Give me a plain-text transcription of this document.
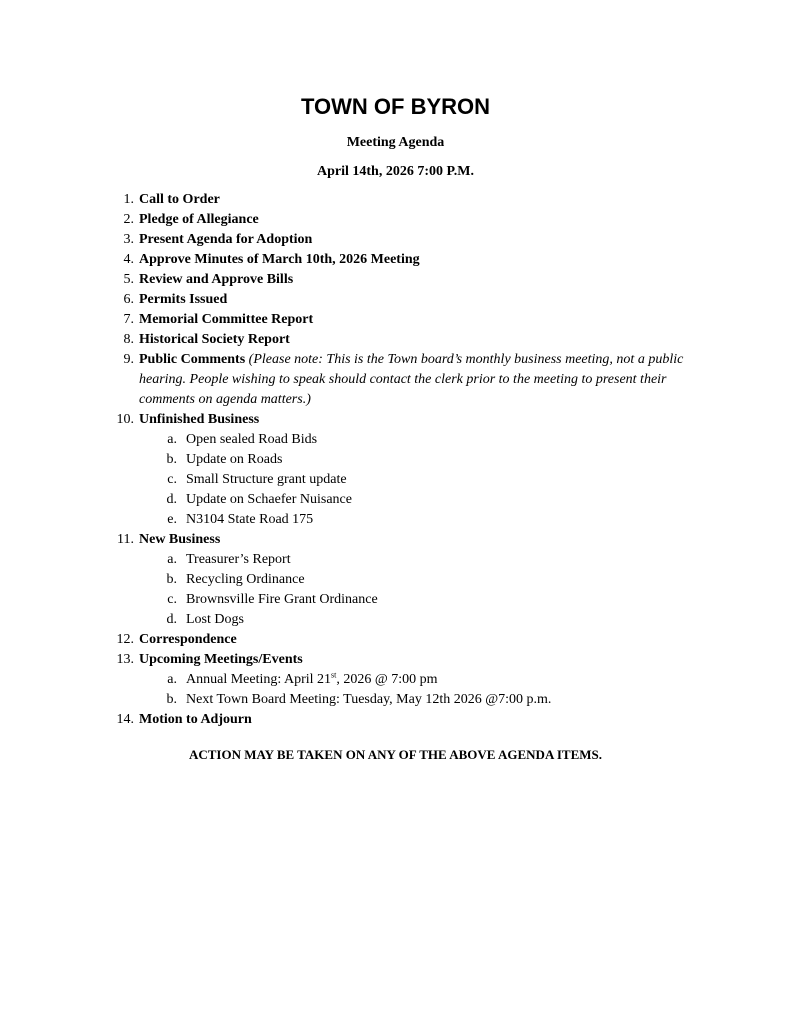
TOWN OF BYRON
Meeting Agenda
April 14th, 2026 7:00 P.M.
1. Call to Order
2. Pledge of Allegiance
3. Present Agenda for Adoption
4. Approve Minutes of March 10th, 2026 Meeting
5. Review and Approve Bills
6. Permits Issued
7. Memorial Committee Report
8. Historical Society Report
9. Public Comments (Please note: This is the Town board’s monthly business meeting, not a public hearing. People wishing to speak should contact the clerk prior to the meeting to present their comments on agenda matters.)
10. Unfinished Business
a. Open sealed Road Bids
b. Update on Roads
c. Small Structure grant update
d. Update on Schaefer Nuisance
e. N3104 State Road 175
11. New Business
a. Treasurer’s Report
b. Recycling Ordinance
c. Brownsville Fire Grant Ordinance
d. Lost Dogs
12. Correspondence
13. Upcoming Meetings/Events
a. Annual Meeting: April 21st, 2026 @ 7:00 pm
b. Next Town Board Meeting: Tuesday, May 12th 2026 @7:00 p.m.
14. Motion to Adjourn
ACTION MAY BE TAKEN ON ANY OF THE ABOVE AGENDA ITEMS.
